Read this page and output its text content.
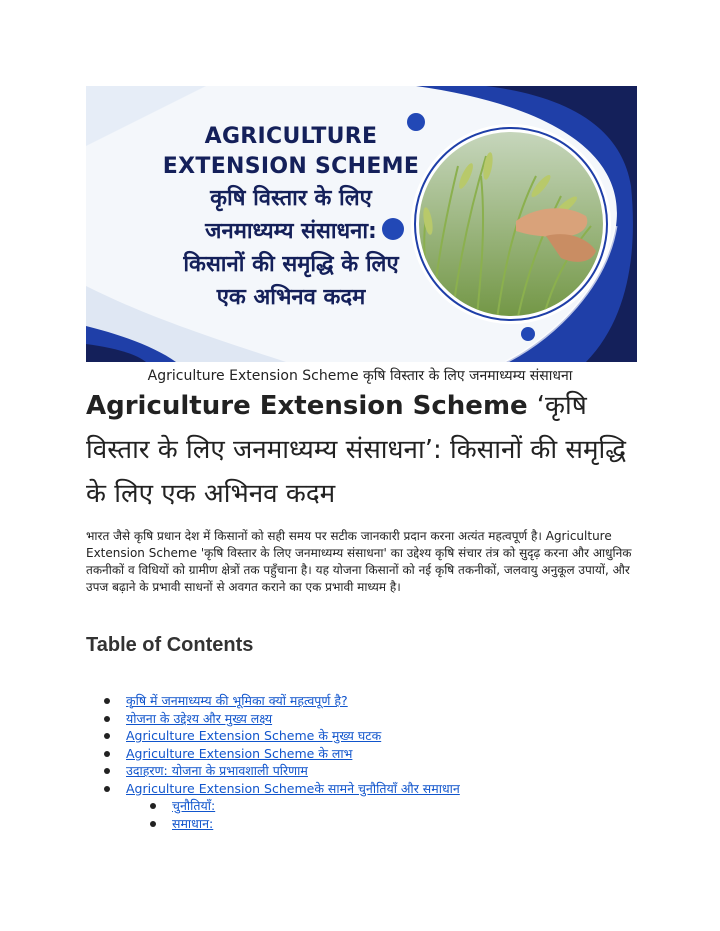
AGRICULTURE
EXTENSION SCHEME
कृषि विस्तार के लिए
जनमाध्यम्य संसाधना:
किसानों की समृद्धि के लिए
एक अभिनव कदम
Agriculture Extension Scheme कृषि विस्तार के लिए जनमाध्यम्य संसाधना
Agriculture Extension Scheme ‘कृषि विस्तार के लिए जनमाध्यम्य संसाधना’: किसानों की समृद्धि के लिए एक अभिनव कदम

भारत जैसे कृषि प्रधान देश में किसानों को सही समय पर सटीक जानकारी प्रदान करना अत्यंत महत्वपूर्ण है। Agriculture Extension Scheme 'कृषि विस्तार के लिए जनमाध्यम्य संसाधना' का उद्देश्य कृषि संचार तंत्र को सुदृढ़ करना और आधुनिक तकनीकों व विधियों को ग्रामीण क्षेत्रों तक पहुँचाना है। यह योजना किसानों को नई कृषि तकनीकों, जलवायु अनुकूल उपायों, और उपज बढ़ाने के प्रभावी साधनों से अवगत कराने का एक प्रभावी माध्यम है।

Table of Contents
कृषि में जनमाध्यम्य की भूमिका क्यों महत्वपूर्ण है?
योजना के उद्देश्य और मुख्य लक्ष्य
Agriculture Extension Scheme के मुख्य घटक
Agriculture Extension Scheme के लाभ
उदाहरण: योजना के प्रभावशाली परिणाम
Agriculture Extension Schemeके सामने चुनौतियाँ और समाधान
चुनौतियाँ:
समाधान:
